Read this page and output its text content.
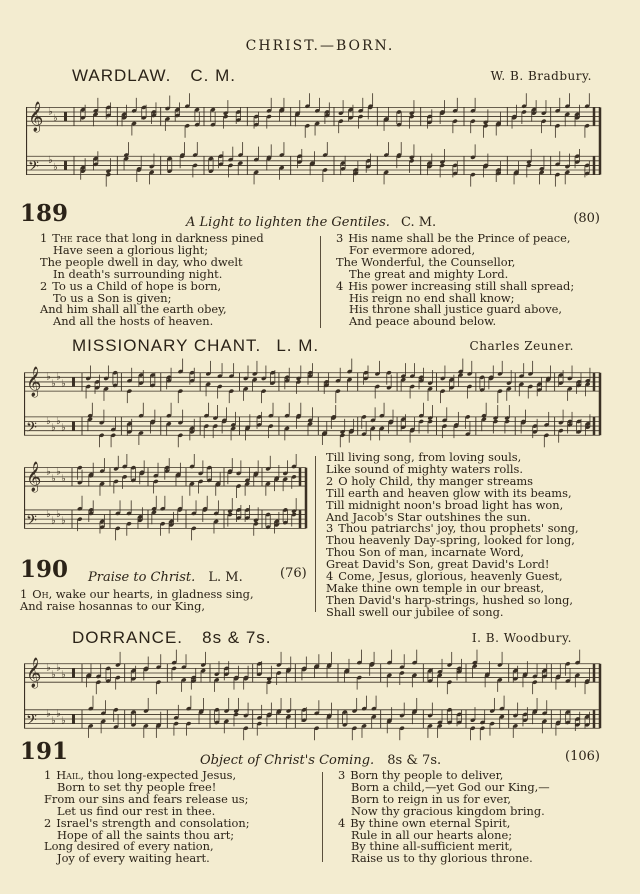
CHRIST.—BORN.
WARDLAW. C. M.	W. B. Bradbury.
𝄞 ♭
♭
𝄢 ♭
♭
189	A Light to lighten the Gentiles. C. M.	(80)
1 The race that long in darkness pined
Have seen a glorious light;
The people dwell in day, who dwelt
In death's surrounding night.
2 To us a Child of hope is born,
To us a Son is given;
And him shall all the earth obey,
And all the hosts of heaven.
3 His name shall be the Prince of peace,
For evermore adored,
The Wonderful, the Counsellor,
The great and mighty Lord.
4 His power increasing still shall spread;
His reign no end shall know;
His throne shall justice guard above,
And peace abound below.
MISSIONARY CHANT. L. M.	Charles Zeuner.
𝄞 ♭
♭
♭
♭
𝄢 ♭
♭
♭
♭
𝄞 ♭
♭
♭
♭
𝄢 ♭
♭
♭
♭
190 Praise to Christ. L. M.	(76)
1 Oh, wake our hearts, in gladness sing,
And raise hosannas to our King,
Till living song, from loving souls,
Like sound of mighty waters rolls.
2 O holy Child, thy manger streams
Till earth and heaven glow with its beams,
Till midnight noon's broad light has won,
And Jacob's Star outshines the sun.
3 Thou patriarchs' joy, thou prophets' song,
Thou heavenly Day-spring, looked for long,
Thou Son of man, incarnate Word,
Great David's Son, great David's Lord!
4 Come, Jesus, glorious, heavenly Guest,
Make thine own temple in our breast,
Then David's harp-strings, hushed so long,
Shall swell our jubilee of song.
DORRANCE. 8s & 7s.	I. B. Woodbury.
𝄞 ♭
♭
♭
♭
𝄢 ♭
♭
♭
♭
191	Object of Christ's Coming. 8s & 7s.	(106)
1 Hail, thou long-expected Jesus,
Born to set thy people free!
From our sins and fears release us;
Let us find our rest in thee.
2 Israel's strength and consolation;
Hope of all the saints thou art;
Long desired of every nation,
Joy of every waiting heart.
3 Born thy people to deliver,
Born a child,—yet God our King,—
Born to reign in us for ever,
Now thy gracious kingdom bring.
4 By thine own eternal Spirit,
Rule in all our hearts alone;
By thine all-sufficient merit,
Raise us to thy glorious throne.
